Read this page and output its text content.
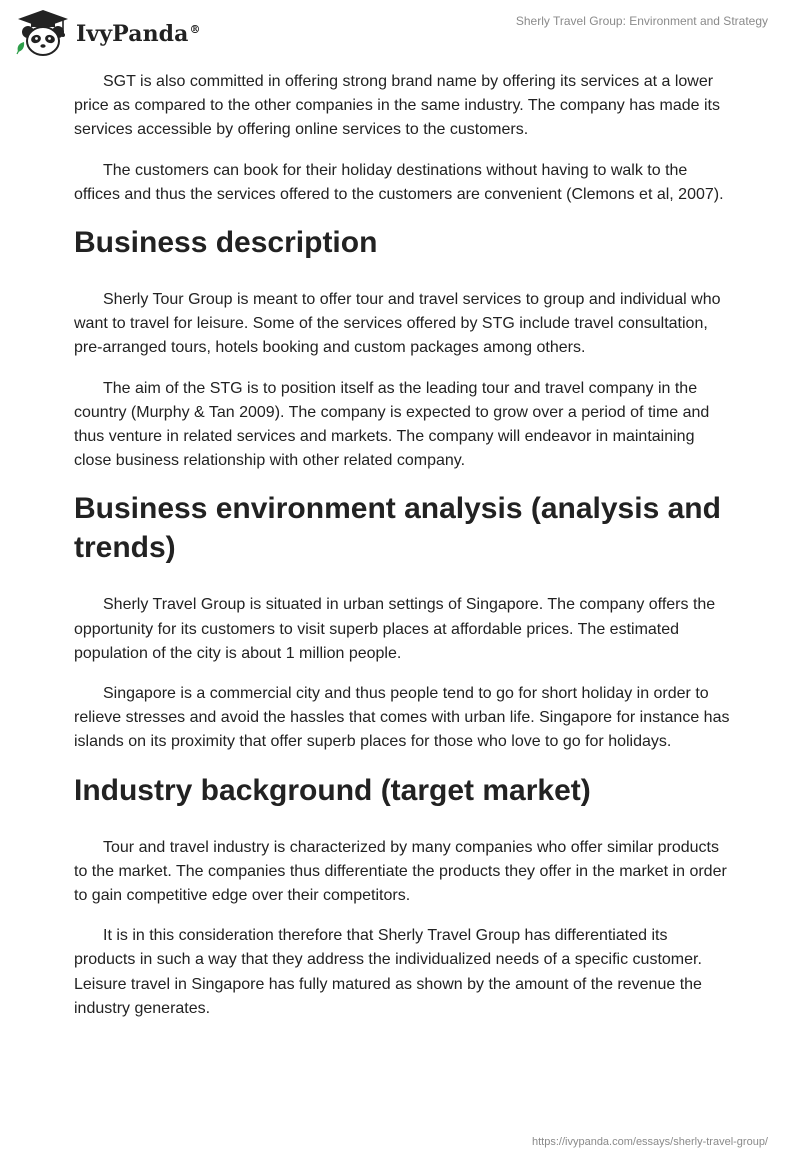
IvyPanda®
Sherly Travel Group: Environment and Strategy

SGT is also committed in offering strong brand name by offering its services at a lower price as compared to the other companies in the same industry. The company has made its services accessible by offering online services to the customers.

The customers can book for their holiday destinations without having to walk to the offices and thus the services offered to the customers are convenient (Clemons et al, 2007).

Business description

Sherly Tour Group is meant to offer tour and travel services to group and individual who want to travel for leisure. Some of the services offered by STG include travel consultation, pre-arranged tours, hotels booking and custom packages among others.

The aim of the STG is to position itself as the leading tour and travel company in the country (Murphy & Tan 2009). The company is expected to grow over a period of time and thus venture in related services and markets. The company will endeavor in maintaining close business relationship with other related company.

Business environment analysis (analysis and trends)

Sherly Travel Group is situated in urban settings of Singapore. The company offers the opportunity for its customers to visit superb places at affordable prices. The estimated population of the city is about 1 million people.

Singapore is a commercial city and thus people tend to go for short holiday in order to relieve stresses and avoid the hassles that comes with urban life. Singapore for instance has islands on its proximity that offer superb places for those who love to go for holidays.

Industry background (target market)

Tour and travel industry is characterized by many companies who offer similar products to the market. The companies thus differentiate the products they offer in the market in order to gain competitive edge over their competitors.

It is in this consideration therefore that Sherly Travel Group has differentiated its products in such a way that they address the individualized needs of a specific customer. Leisure travel in Singapore has fully matured as shown by the amount of the revenue the industry generates.

https://ivypanda.com/essays/sherly-travel-group/
